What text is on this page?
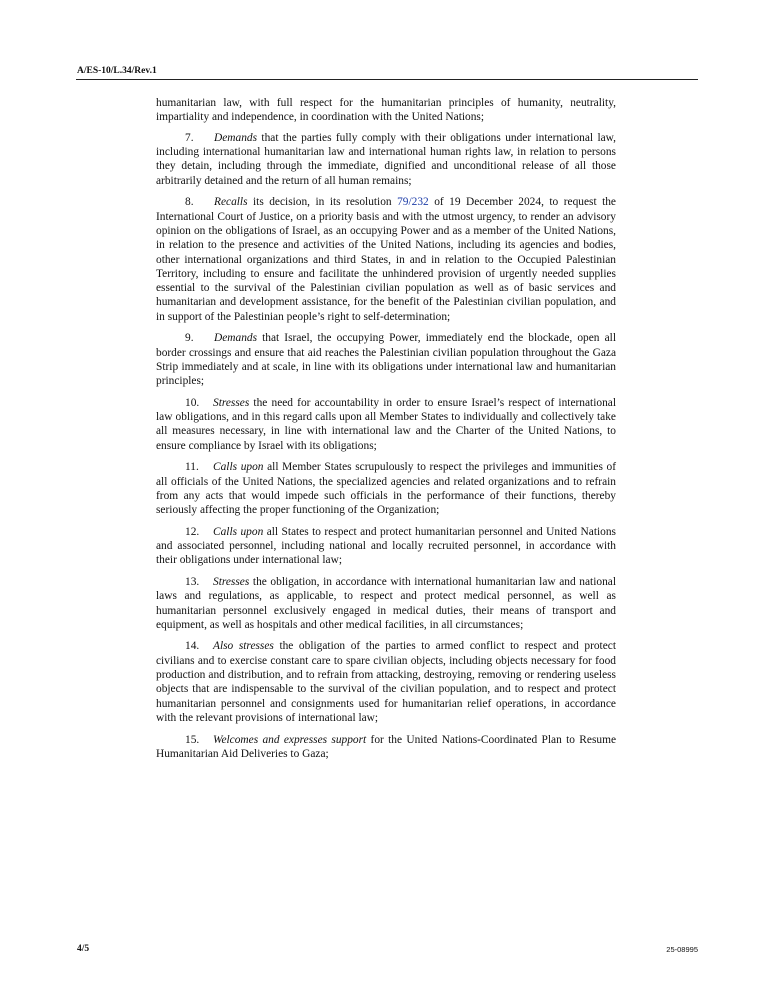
A/ES-10/L.34/Rev.1

humanitarian law, with full respect for the humanitarian principles of humanity, neutrality, impartiality and independence, in coordination with the United Nations;

7. Demands that the parties fully comply with their obligations under international law, including international humanitarian law and international human rights law, in relation to persons they detain, including through the immediate, dignified and unconditional release of all those arbitrarily detained and the return of all human remains;

8. Recalls its decision, in its resolution 79/232 of 19 December 2024, to request the International Court of Justice, on a priority basis and with the utmost urgency, to render an advisory opinion on the obligations of Israel, as an occupying Power and as a member of the United Nations, in relation to the presence and activities of the United Nations, including its agencies and bodies, other international organizations and third States, in and in relation to the Occupied Palestinian Territory, including to ensure and facilitate the unhindered provision of urgently needed supplies essential to the survival of the Palestinian civilian population as well as of basic services and humanitarian and development assistance, for the benefit of the Palestinian civilian population, and in support of the Palestinian people’s right to self-determination;

9. Demands that Israel, the occupying Power, immediately end the blockade, open all border crossings and ensure that aid reaches the Palestinian civilian population throughout the Gaza Strip immediately and at scale, in line with its obligations under international law and humanitarian principles;

10. Stresses the need for accountability in order to ensure Israel’s respect of international law obligations, and in this regard calls upon all Member States to individually and collectively take all measures necessary, in line with international law and the Charter of the United Nations, to ensure compliance by Israel with its obligations;

11. Calls upon all Member States scrupulously to respect the privileges and immunities of all officials of the United Nations, the specialized agencies and related organizations and to refrain from any acts that would impede such officials in the performance of their functions, thereby seriously affecting the proper functioning of the Organization;

12. Calls upon all States to respect and protect humanitarian personnel and United Nations and associated personnel, including national and locally recruited personnel, in accordance with their obligations under international law;

13. Stresses the obligation, in accordance with international humanitarian law and national laws and regulations, as applicable, to respect and protect medical personnel, as well as humanitarian personnel exclusively engaged in medical duties, their means of transport and equipment, as well as hospitals and other medical facilities, in all circumstances;

14. Also stresses the obligation of the parties to armed conflict to respect and protect civilians and to exercise constant care to spare civilian objects, including objects necessary for food production and distribution, and to refrain from attacking, destroying, removing or rendering useless objects that are indispensable to the survival of the civilian population, and to respect and protect humanitarian personnel and consignments used for humanitarian relief operations, in accordance with the relevant provisions of international law;

15. Welcomes and expresses support for the United Nations-Coordinated Plan to Resume Humanitarian Aid Deliveries to Gaza;

4/5	25-08995
